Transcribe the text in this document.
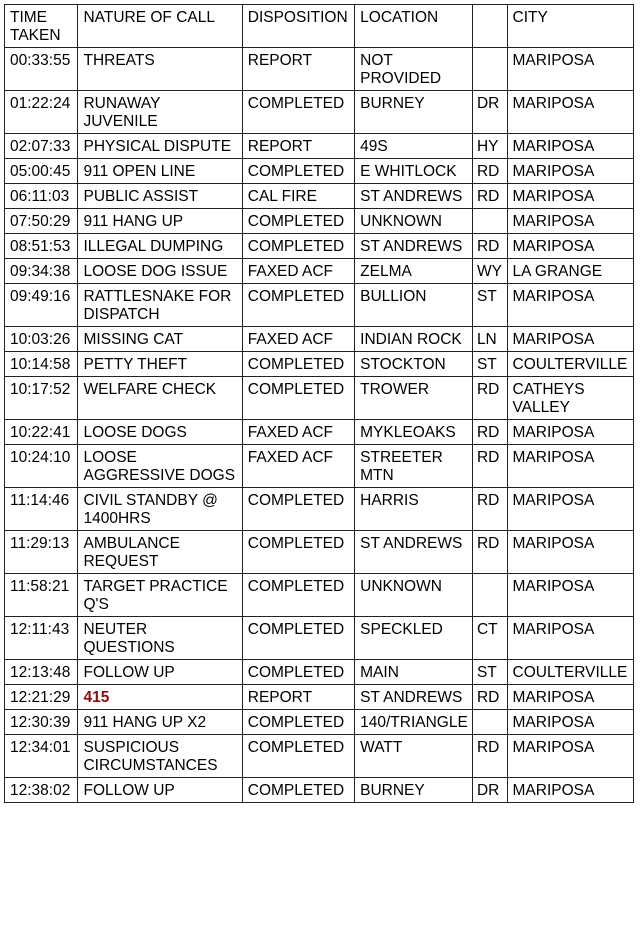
TIME TAKEN	NATURE OF CALL	DISPOSITION	LOCATION		CITY
00:33:55	THREATS	REPORT	NOT PROVIDED		MARIPOSA
01:22:24	RUNAWAY JUVENILE	COMPLETED	BURNEY	DR	MARIPOSA
02:07:33	PHYSICAL DISPUTE	REPORT	49S	HY	MARIPOSA
05:00:45	911 OPEN LINE	COMPLETED	E WHITLOCK	RD	MARIPOSA
06:11:03	PUBLIC ASSIST	CAL FIRE	ST ANDREWS	RD	MARIPOSA
07:50:29	911 HANG UP	COMPLETED	UNKNOWN		MARIPOSA
08:51:53	ILLEGAL DUMPING	COMPLETED	ST ANDREWS	RD	MARIPOSA
09:34:38	LOOSE DOG ISSUE	FAXED ACF	ZELMA	WY	LA GRANGE
09:49:16	RATTLESNAKE FOR DISPATCH	COMPLETED	BULLION	ST	MARIPOSA
10:03:26	MISSING CAT	FAXED ACF	INDIAN ROCK	LN	MARIPOSA
10:14:58	PETTY THEFT	COMPLETED	STOCKTON	ST	COULTERVILLE
10:17:52	WELFARE CHECK	COMPLETED	TROWER	RD	CATHEYS VALLEY
10:22:41	LOOSE DOGS	FAXED ACF	MYKLEOAKS	RD	MARIPOSA
10:24:10	LOOSE AGGRESSIVE DOGS	FAXED ACF	STREETER MTN	RD	MARIPOSA
11:14:46	CIVIL STANDBY @ 1400HRS	COMPLETED	HARRIS	RD	MARIPOSA
11:29:13	AMBULANCE REQUEST	COMPLETED	ST ANDREWS	RD	MARIPOSA
11:58:21	TARGET PRACTICE Q'S	COMPLETED	UNKNOWN		MARIPOSA
12:11:43	NEUTER QUESTIONS	COMPLETED	SPECKLED	CT	MARIPOSA
12:13:48	FOLLOW UP	COMPLETED	MAIN	ST	COULTERVILLE
12:21:29	415	REPORT	ST ANDREWS	RD	MARIPOSA
12:30:39	911 HANG UP X2	COMPLETED	140/TRIANGLE		MARIPOSA
12:34:01	SUSPICIOUS CIRCUMSTANCES	COMPLETED	WATT	RD	MARIPOSA
12:38:02	FOLLOW UP	COMPLETED	BURNEY	DR	MARIPOSA
